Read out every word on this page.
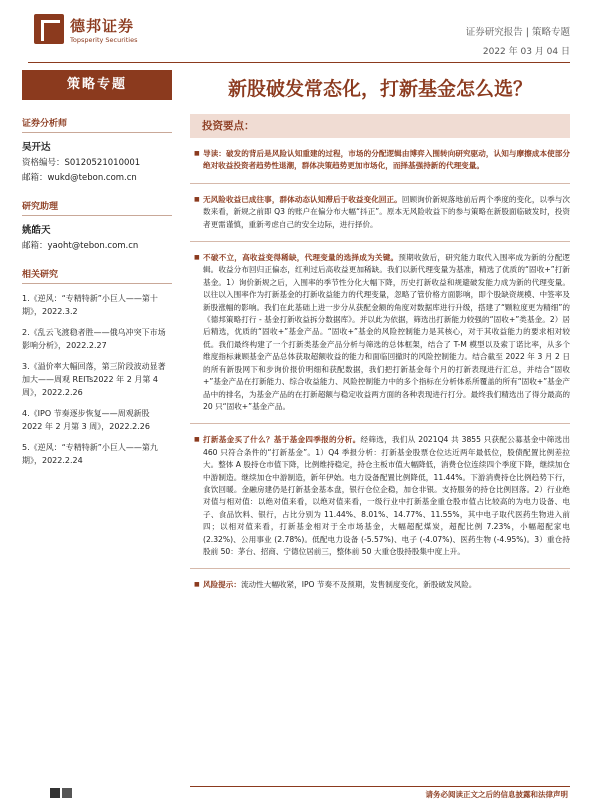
德邦证券
Topsperity Securities
证券研究报告 | 策略专题
2022 年 03 月 04 日
策略专题
证券分析师
吴开达
资格编号：S0120521010001
邮箱：wukd@tebon.com.cn
研究助理
姚皓天
邮箱：yaoht@tebon.com.cn
相关研究
1.《逆风：“专精特新”小巨人——第十期》，2022.3.2
2.《乱云飞渡稳者胜——俄乌冲突下市场影响分析》，2022.2.27
3.《溢价率大幅回落，第三阶段波动显著加大——周观 REITs2022 年 2 月第 4 周》，2022.2.26
4.《IPO 节奏逐步恢复——周观新股 2022 年 2 月第 3 周》，2022.2.26
5.《逆风：“专精特新”小巨人——第九期》，2022.2.24
新股破发常态化，打新基金怎么选？
投资要点：
■ 导读：破发的背后是风险认知重建的过程，市场的分配逻辑由博弈入围转向研究驱动，认知与摩擦成本使部分绝对收益投资者趋势性退潮，群体决策趋势更加市场化，而择基强持新的代理变量。
■ 无风险收益已成往事，群体动态认知滞后于收益变化回正。回顾询价新规落地前后两个季度的变化，以季与次数来看，新规之前即 Q3 的账户在偏分布大幅“抖正”。原本无风险收益下的参与策略在新股面临破发时，投资者更需谨慎，重新考虑自己的安全边际，进行择价。
■ 不破不立，高收益变得稀缺，代理变量的选择成为关键。预期收敛后，研究能力取代入围率成为新的分配逻辑。收益分布回归正偏态，红利过后高收益更加稀缺。我们以新代理变量为基准，精选了优质的“固收+”打新基金。1）询价新规之后，入围率的季节性分化大幅下降，历史打新收益和规避破发能力成为新的代理变量。以往以入围率作为打新基金的打新收益能力的代理变量，忽略了管价格方面影响，即个股缺资规模、中签率及新股涨幅的影响。我们在此基础上进一步分从获配金额的角度对数据库进行升级，搭建了“颗粒度更为精细”的《德邦策略打行 - 基金打新收益拆分数据库》。并以此为依据，筛选出打新能力较强的“固收+”类基金。2）居后精选，优质的“固收+”基金产品。“固收+”基金的风险控制能力是其核心，对于其收益能力的要求相对较低。我们最终构建了一个打新类基金产品分析与筛选的总体框架，结合了 T-M 模型以及索丁诺比率，从多个维度指标兼顾基金产品总体获取超额收益的能力和面临回撤时的风险控制能力。结合截至 2022 年 3 月 2 日的所有新股网下和步询价报价明细和获配数据，我们把打新基金每个月的打新表现进行汇总，并结合“固收+”基金产品在打新能力、综合收益能力、风险控制能力中的多个指标在分析体系所覆盖的所有“固收+”基金产品中的排名，为基金产品的在打新超额与稳定收益两方面的各种表现进行打分。最终我们精选出了得分最高的 20 只“固收+”基金产品。
■ 打新基金买了什么？基于基金四季报的分析。经筛选，我们从 2021Q4 共 3855 只获配公募基金中筛选出 460 只符合条件的“打新基金”。1）Q4 季报分析：打新基金股票仓位达近两年最低位，股债配置比例差拉大。整体 A 股持仓市值下降，比例维持稳定，持仓主板市值大幅降低，消费仓位连续四个季度下降，继续加仓中游制造。继续加仓中游制造，新年伊始。电力设备配置比例降低，11.44%。下游消费持仓比例趋势下行，食饮回暖。金融房建仍是打新基金基本盘，银行仓位企稳，加仓非银。支持服务的持仓比例回落。2）行业绝对值与相对值：以绝对值来看，以绝对值来看，一级行业中打新基金重仓股市值占比较高的为电力设备、电子、食品饮料、银行，占比分别为 11.44%、8.01%、14.77%、11.55%，其中电子取代医药生物进入前四；以相对值来看，打新基金相对于全市场基金，大幅超配煤炭，超配比例 7.23%，小幅超配家电 (2.32%)、公用事业 (2.78%)。低配电力设备 (-5.57%)、电子 (-4.07%)、医药生物 (-4.95%)。3）重仓持股前 50：茅台、招商、宁德位居前三，整体前 50 大重仓股持股集中度上升。
■ 风险提示：流动性大幅收紧，IPO 节奏不及预期，发售制度变化，新股破发风险。
请务必阅读正文之后的信息披露和法律声明
